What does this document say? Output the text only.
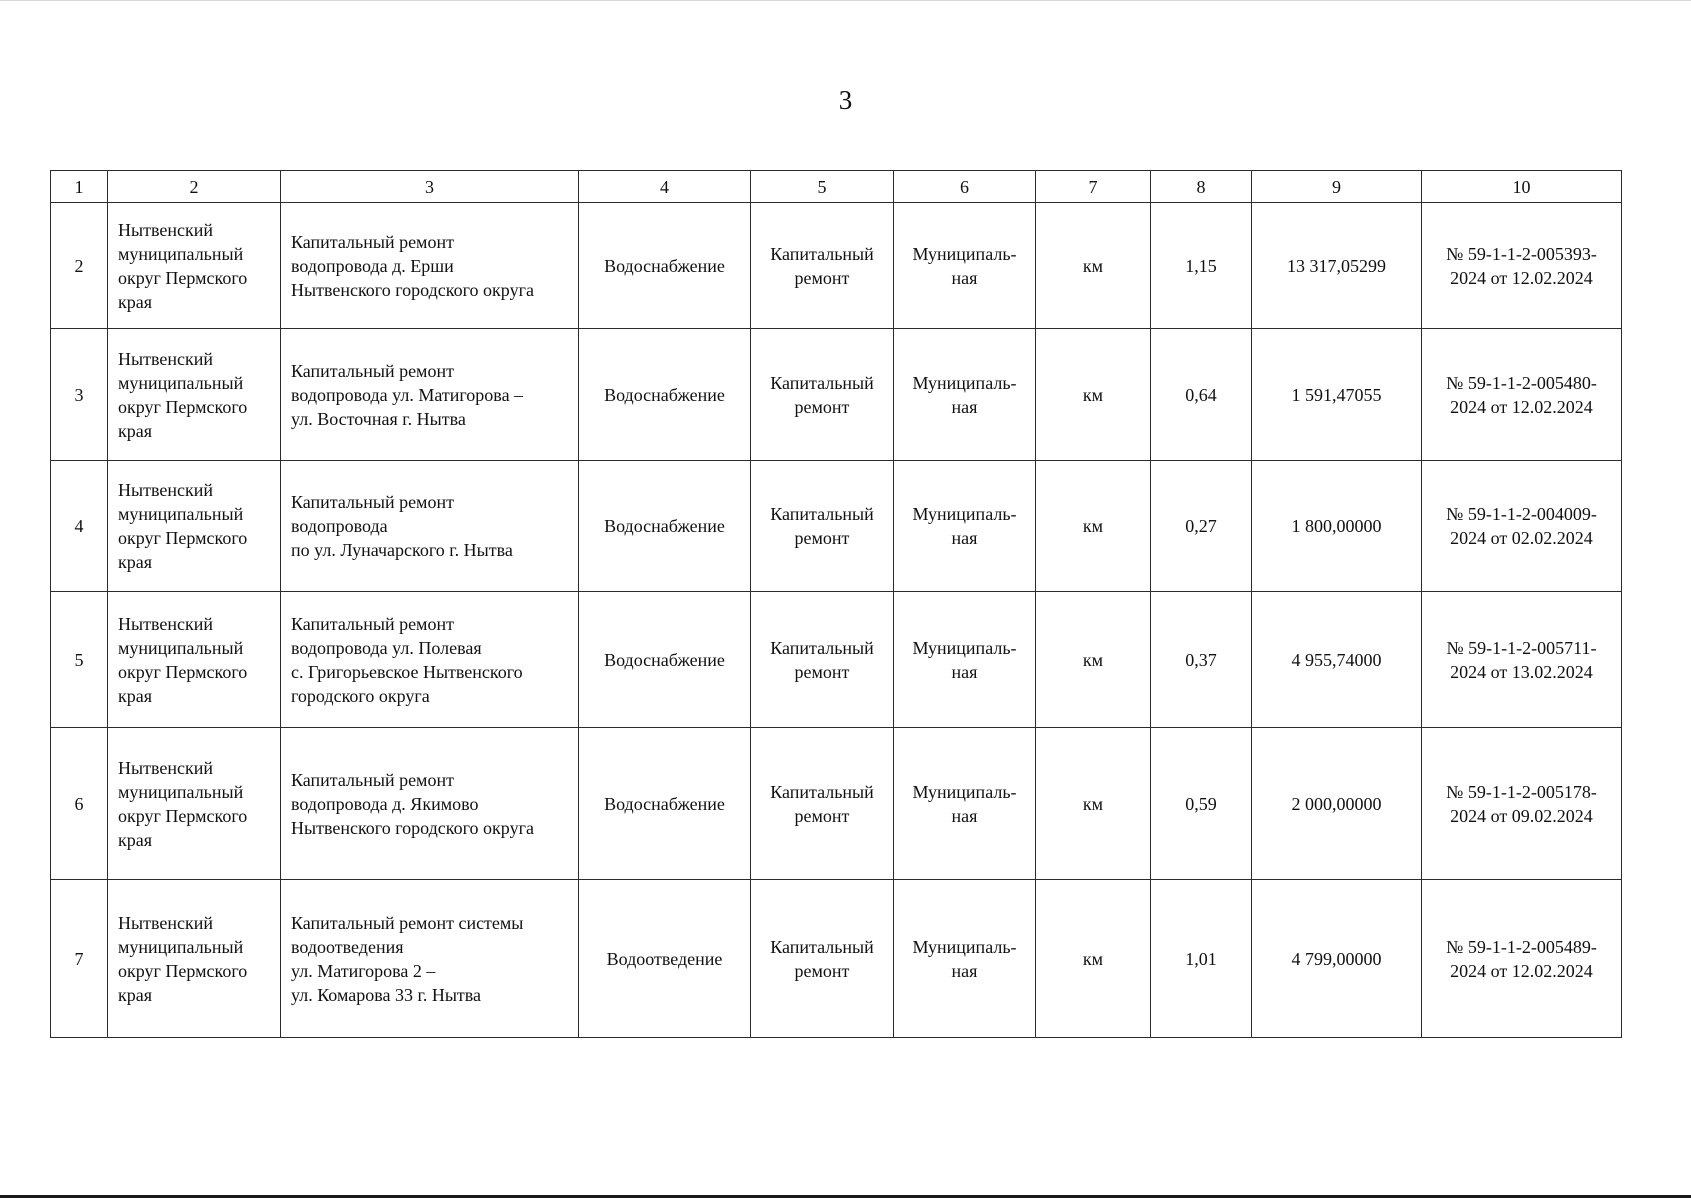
3
1	2	3	4	5	6	7	8	9	10
2	Нытвенский
муниципальный
округ Пермского
края	Капитальный ремонт
водопровода д. Ерши
Нытвенского городского округа	Водоснабжение	Капитальный
ремонт	Муниципаль-
ная	км	1,15	13 317,05299	№ 59-1-1-2-005393-
2024 от 12.02.2024

3	Нытвенский
муниципальный
округ Пермского
края	Капитальный ремонт
водопровода ул. Матигорова –
ул. Восточная г. Нытва	Водоснабжение	Капитальный
ремонт	Муниципаль-
ная	км	0,64	1 591,47055	№ 59-1-1-2-005480-
2024 от 12.02.2024

4	Нытвенский
муниципальный
округ Пермского
края	Капитальный ремонт
водопровода
по ул. Луначарского г. Нытва	Водоснабжение	Капитальный
ремонт	Муниципаль-
ная	км	0,27	1 800,00000	№ 59-1-1-2-004009-
2024 от 02.02.2024

5	Нытвенский
муниципальный
округ Пермского
края	Капитальный ремонт
водопровода ул. Полевая
с. Григорьевское Нытвенского
городского округа	Водоснабжение	Капитальный
ремонт	Муниципаль-
ная	км	0,37	4 955,74000	№ 59-1-1-2-005711-
2024 от 13.02.2024

6	Нытвенский
муниципальный
округ Пермского
края	Капитальный ремонт
водопровода д. Якимово
Нытвенского городского округа	Водоснабжение	Капитальный
ремонт	Муниципаль-
ная	км	0,59	2 000,00000	№ 59-1-1-2-005178-
2024 от 09.02.2024

7	Нытвенский
муниципальный
округ Пермского
края	Капитальный ремонт системы
водоотведения
ул. Матигорова 2 –
ул. Комарова 33 г. Нытва	Водоотведение	Капитальный
ремонт	Муниципаль-
ная	км	1,01	4 799,00000	№ 59-1-1-2-005489-
2024 от 12.02.2024
